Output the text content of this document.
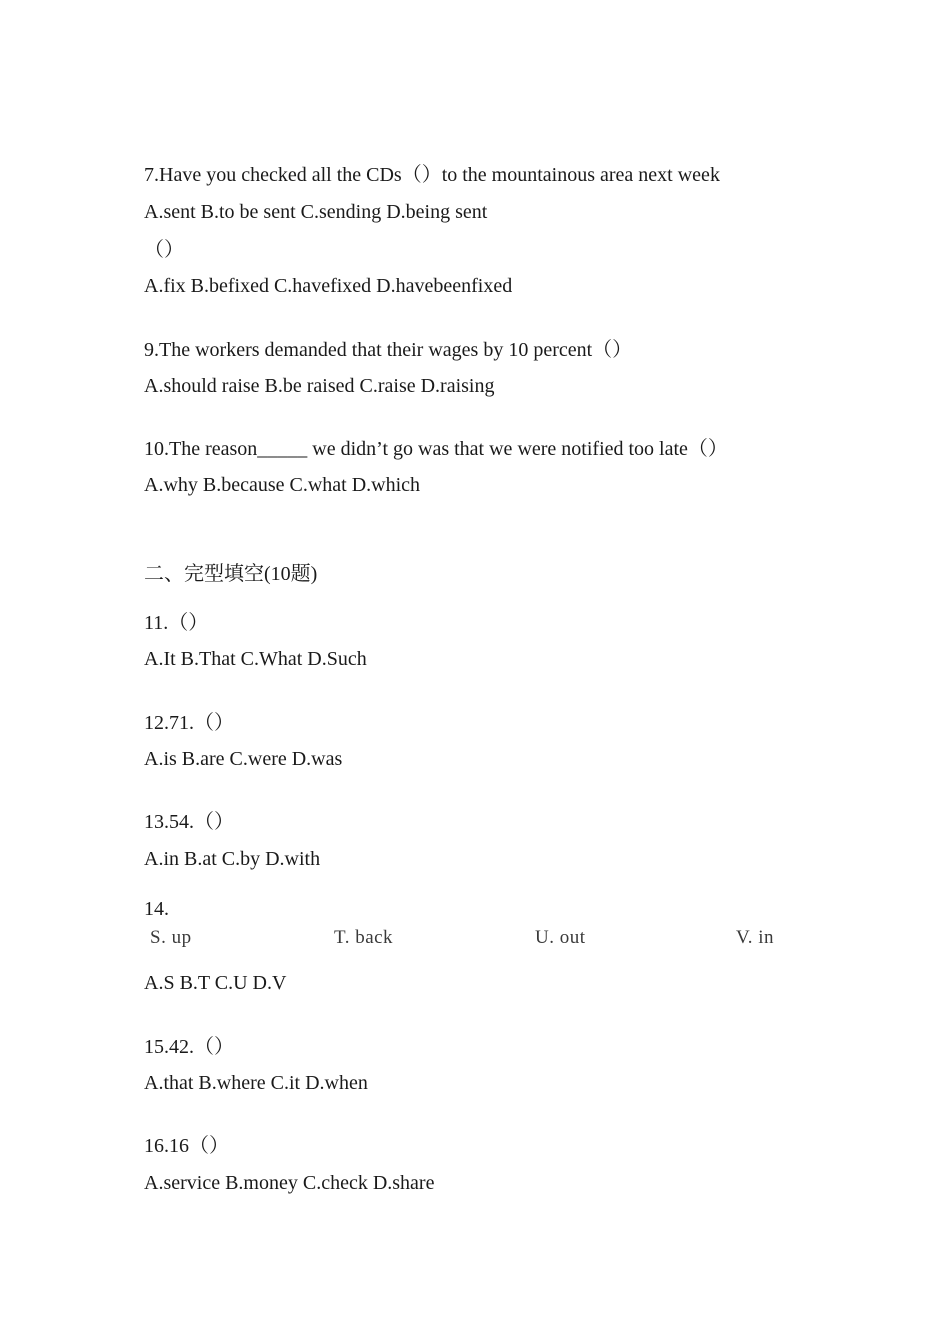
7.Have you checked all the CDs（）to the mountainous area next week
A.sent B.to be sent C.sending D.being sent
（）
A.fix B.befixed C.havefixed D.havebeenfixed
9.The workers demanded that their wages by 10 percent（）
A.should raise B.be raised C.raise D.raising
10.The reason_____ we didn’t go was that we were notified too late（）
A.why B.because C.what D.which
二、完型填空(10题)
11.（）
A.It B.That C.What D.Such
12.71.（）
A.is B.are C.were D.was
13.54.（）
A.in B.at C.by D.with
14.
S. up	T. back	U. out	V. in
A.S B.T C.U D.V
15.42.（）
A.that B.where C.it D.when
16.16（）
A.service B.money C.check D.share
